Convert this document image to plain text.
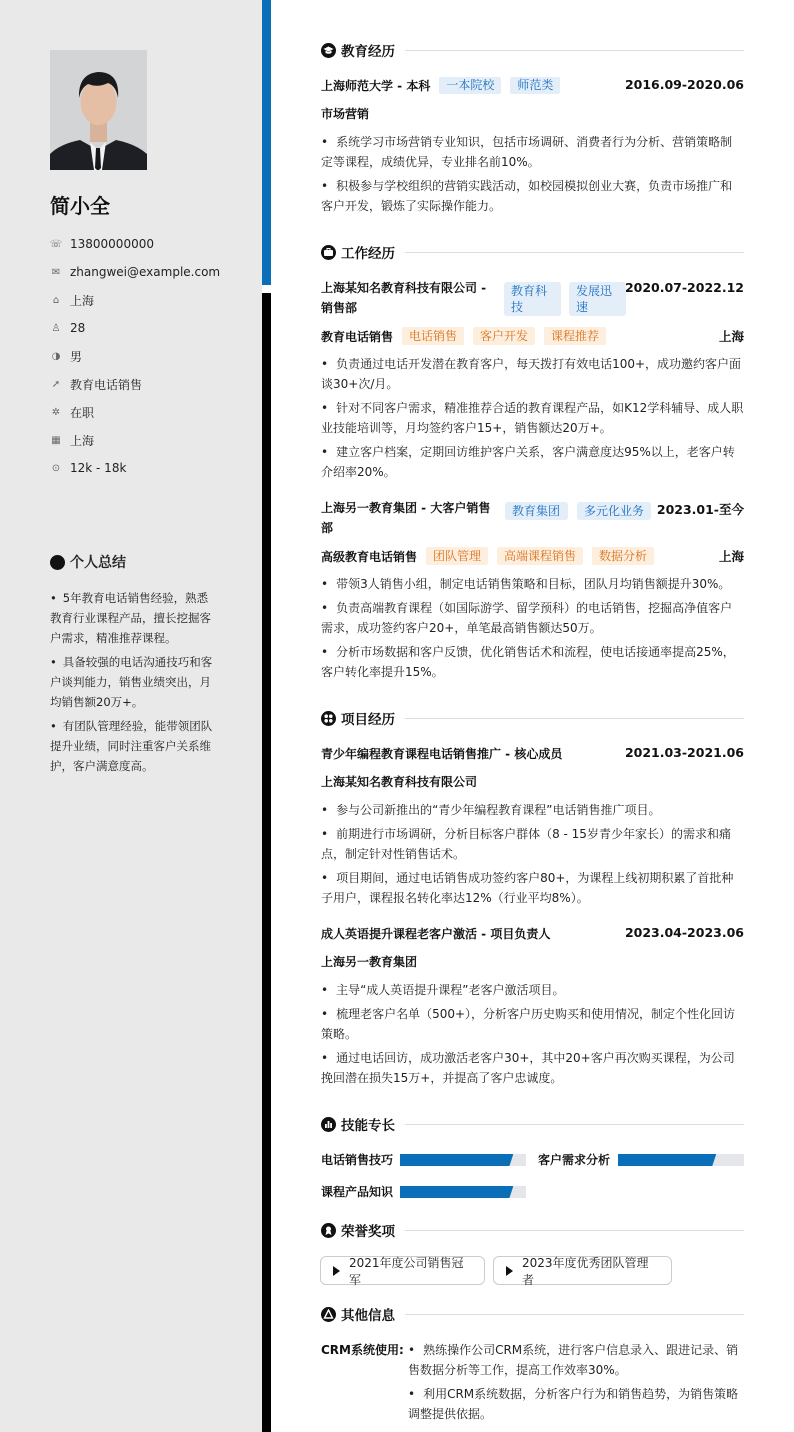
简小全
☏ 13800000000
✉ zhangwei@example.com
⌂ 上海
♙ 28
◑ 男
➚ 教育电话销售
✲ 在职
▦ 上海
⊙ 12k - 18k
个人总结
• 5年教育电话销售经验，熟悉教育行业课程产品，擅长挖掘客户需求，精准推荐课程。
• 具备较强的电话沟通技巧和客户谈判能力，销售业绩突出，月均销售额20万+。
• 有团队管理经验，能带领团队提升业绩，同时注重客户关系维护，客户满意度高。
教育经历
上海师范大学 - 本科	一本院校	师范类	2016.09-2020.06
市场营销
• 系统学习市场营销专业知识，包括市场调研、消费者行为分析、营销策略制定等课程，成绩优异，专业排名前10%。
• 积极参与学校组织的营销实践活动，如校园模拟创业大赛，负责市场推广和客户开发，锻炼了实际操作能力。
工作经历
上海某知名教育科技有限公司 - 销售部
教育科技
发展迅速
2020.07-2022.12
教育电话销售	电话销售	客户开发	课程推荐	上海
• 负责通过电话开发潜在教育客户，每天拨打有效电话100+，成功邀约客户面谈30+次/月。
• 针对不同客户需求，精准推荐合适的教育课程产品，如K12学科辅导、成人职业技能培训等，月均签约客户15+，销售额达20万+。
• 建立客户档案，定期回访维护客户关系，客户满意度达95%以上，老客户转介绍率20%。
上海另一教育集团 - 大客户销售部
教育集团	多元化业务	2023.01-至今
高级教育电话销售	团队管理	高端课程销售	数据分析	上海
• 带领3人销售小组，制定电话销售策略和目标，团队月均销售额提升30%。
• 负责高端教育课程（如国际游学、留学预科）的电话销售，挖掘高净值客户需求，成功签约客户20+，单笔最高销售额达50万。
• 分析市场数据和客户反馈，优化销售话术和流程，使电话接通率提高25%，客户转化率提升15%。
项目经历
青少年编程教育课程电话销售推广 - 核心成员	2021.03-2021.06
上海某知名教育科技有限公司
• 参与公司新推出的“青少年编程教育课程”电话销售推广项目。
• 前期进行市场调研，分析目标客户群体（8 - 15岁青少年家长）的需求和痛点，制定针对性销售话术。
• 项目期间，通过电话销售成功签约客户80+，为课程上线初期积累了首批种子用户，课程报名转化率达12%（行业平均8%）。
成人英语提升课程老客户激活 - 项目负责人	2023.04-2023.06
上海另一教育集团
• 主导“成人英语提升课程”老客户激活项目。
• 梳理老客户名单（500+），分析客户历史购买和使用情况，制定个性化回访策略。
• 通过电话回访，成功激活老客户30+，其中20+客户再次购买课程，为公司挽回潜在损失15万+，并提高了客户忠诚度。
技能专长
电话销售技巧	客户需求分析
课程产品知识
荣誉奖项
2021年度公司销售冠军
2023年度优秀团队管理者
其他信息
CRM系统使用:
•	熟练操作公司CRM系统，进行客户信息录入、跟进记录、销售数据分析等工作，提高工作效率30%。
• 利用CRM系统数据，分析客户行为和销售趋势，为销售策略调整提供依据。
